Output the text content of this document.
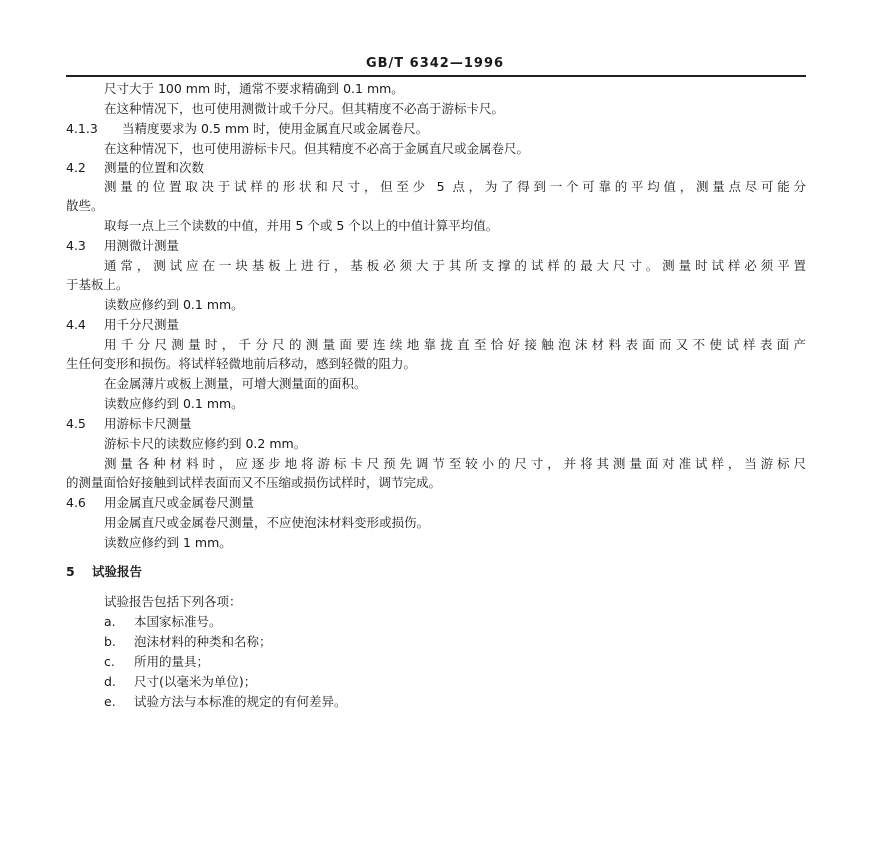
GB/T 6342—1996
尺寸大于 100 mm 时，通常不要求精确到 0.1 mm。
在这种情况下，也可使用测微计或千分尺。但其精度不必高于游标卡尺。
4.1.3 当精度要求为 0.5 mm 时，使用金属直尺或金属卷尺。
在这种情况下，也可使用游标卡尺。但其精度不必高于金属直尺或金属卷尺。
4.2 测量的位置和次数
测量的位置取决于试样的形状和尺寸，但至少 5 点，为了得到一个可靠的平均值，测量点尽可能分
散些。
取每一点上三个读数的中值，并用 5 个或 5 个以上的中值计算平均值。
4.3 用测微计测量
通常，测试应在一块基板上进行，基板必须大于其所支撑的试样的最大尺寸。测量时试样必须平置
于基板上。
读数应修约到 0.1 mm。
4.4 用千分尺测量
用千分尺测量时，千分尺的测量面要连续地靠拢直至恰好接触泡沫材料表面而又不使试样表面产
生任何变形和损伤。将试样轻微地前后移动，感到轻微的阻力。
在金属薄片或板上测量，可增大测量面的面积。
读数应修约到 0.1 mm。
4.5 用游标卡尺测量
游标卡尺的读数应修约到 0.2 mm。
测量各种材料时，应逐步地将游标卡尺预先调节至较小的尺寸，并将其测量面对准试样，当游标尺
的测量面恰好接触到试样表面而又不压缩或损伤试样时，调节完成。
4.6 用金属直尺或金属卷尺测量
用金属直尺或金属卷尺测量，不应使泡沫材料变形或损伤。
读数应修约到 1 mm。
5 试验报告
试验报告包括下列各项：
a. 本国家标准号。
b. 泡沫材料的种类和名称；
c. 所用的量具；
d. 尺寸(以毫米为单位)；
e. 试验方法与本标准的规定的有何差异。
